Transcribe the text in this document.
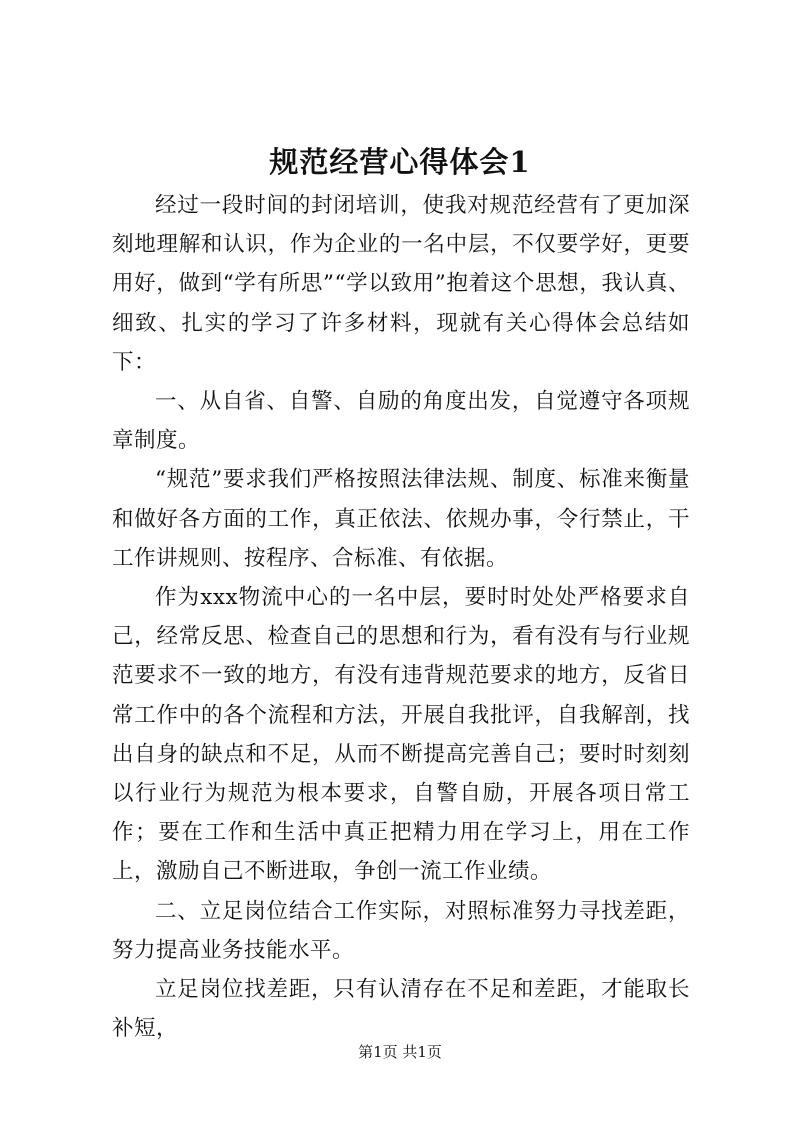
规范经营心得体会1

经过一段时间的封闭培训，使我对规范经营有了更加深刻地理解和认识，作为企业的一名中层，不仅要学好，更要用好，做到“学有所思”“学以致用”抱着这个思想，我认真、细致、扎实的学习了许多材料，现就有关心得体会总结如下：

一、从自省、自警、自励的角度出发，自觉遵守各项规章制度。

“规范”要求我们严格按照法律法规、制度、标准来衡量和做好各方面的工作，真正依法、依规办事，令行禁止，干工作讲规则、按程序、合标准、有依据。

作为xxx物流中心的一名中层，要时时处处严格要求自己，经常反思、检查自己的思想和行为，看有没有与行业规范要求不一致的地方，有没有违背规范要求的地方，反省日常工作中的各个流程和方法，开展自我批评，自我解剖，找出自身的缺点和不足，从而不断提高完善自己；要时时刻刻以行业行为规范为根本要求，自警自励，开展各项日常工作；要在工作和生活中真正把精力用在学习上，用在工作上，激励自己不断进取，争创一流工作业绩。

二、立足岗位结合工作实际，对照标准努力寻找差距，努力提高业务技能水平。

立足岗位找差距，只有认清存在不足和差距，才能取长补短，

第1页 共1页
